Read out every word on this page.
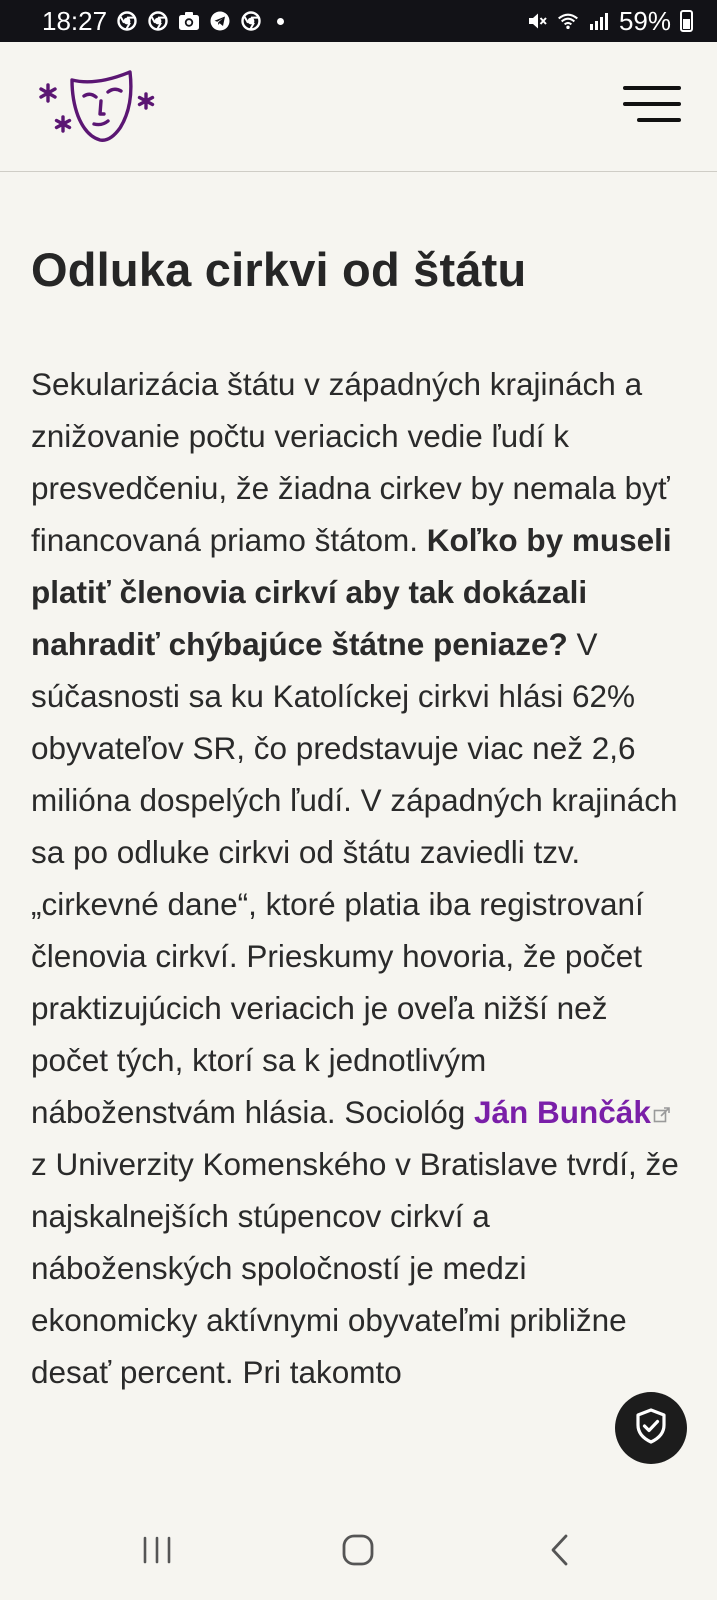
18:27	59%
Odluka cirkvi od štátu

Sekularizácia štátu v západných krajinách a znižovanie počtu veriacich vedie ľudí k presvedčeniu, že žiadna cirkev by nemala byť financovaná priamo štátom. Koľko by museli platiť členovia cirkví aby tak dokázali nahradiť chýbajúce štátne peniaze? V súčasnosti sa ku Katolíckej cirkvi hlási 62% obyvateľov SR, čo predstavuje viac než 2,6 milióna dospelých ľudí. V západných krajinách sa po odluke cirkvi od štátu zaviedli tzv. „cirkevné dane“, ktoré platia iba registrovaní členovia cirkví. Prieskumy hovoria, že počet praktizujúcich veriacich je oveľa nižší než počet tých, ktorí sa k jednotlivým náboženstvám hlásia. Sociológ Ján Bunčák z Univerzity Komenského v Bratislave tvrdí, že najskalnejších stúpencov cirkví a náboženských spoločností je medzi ekonomicky aktívnymi obyvateľmi približne desať percent. Pri takomto
